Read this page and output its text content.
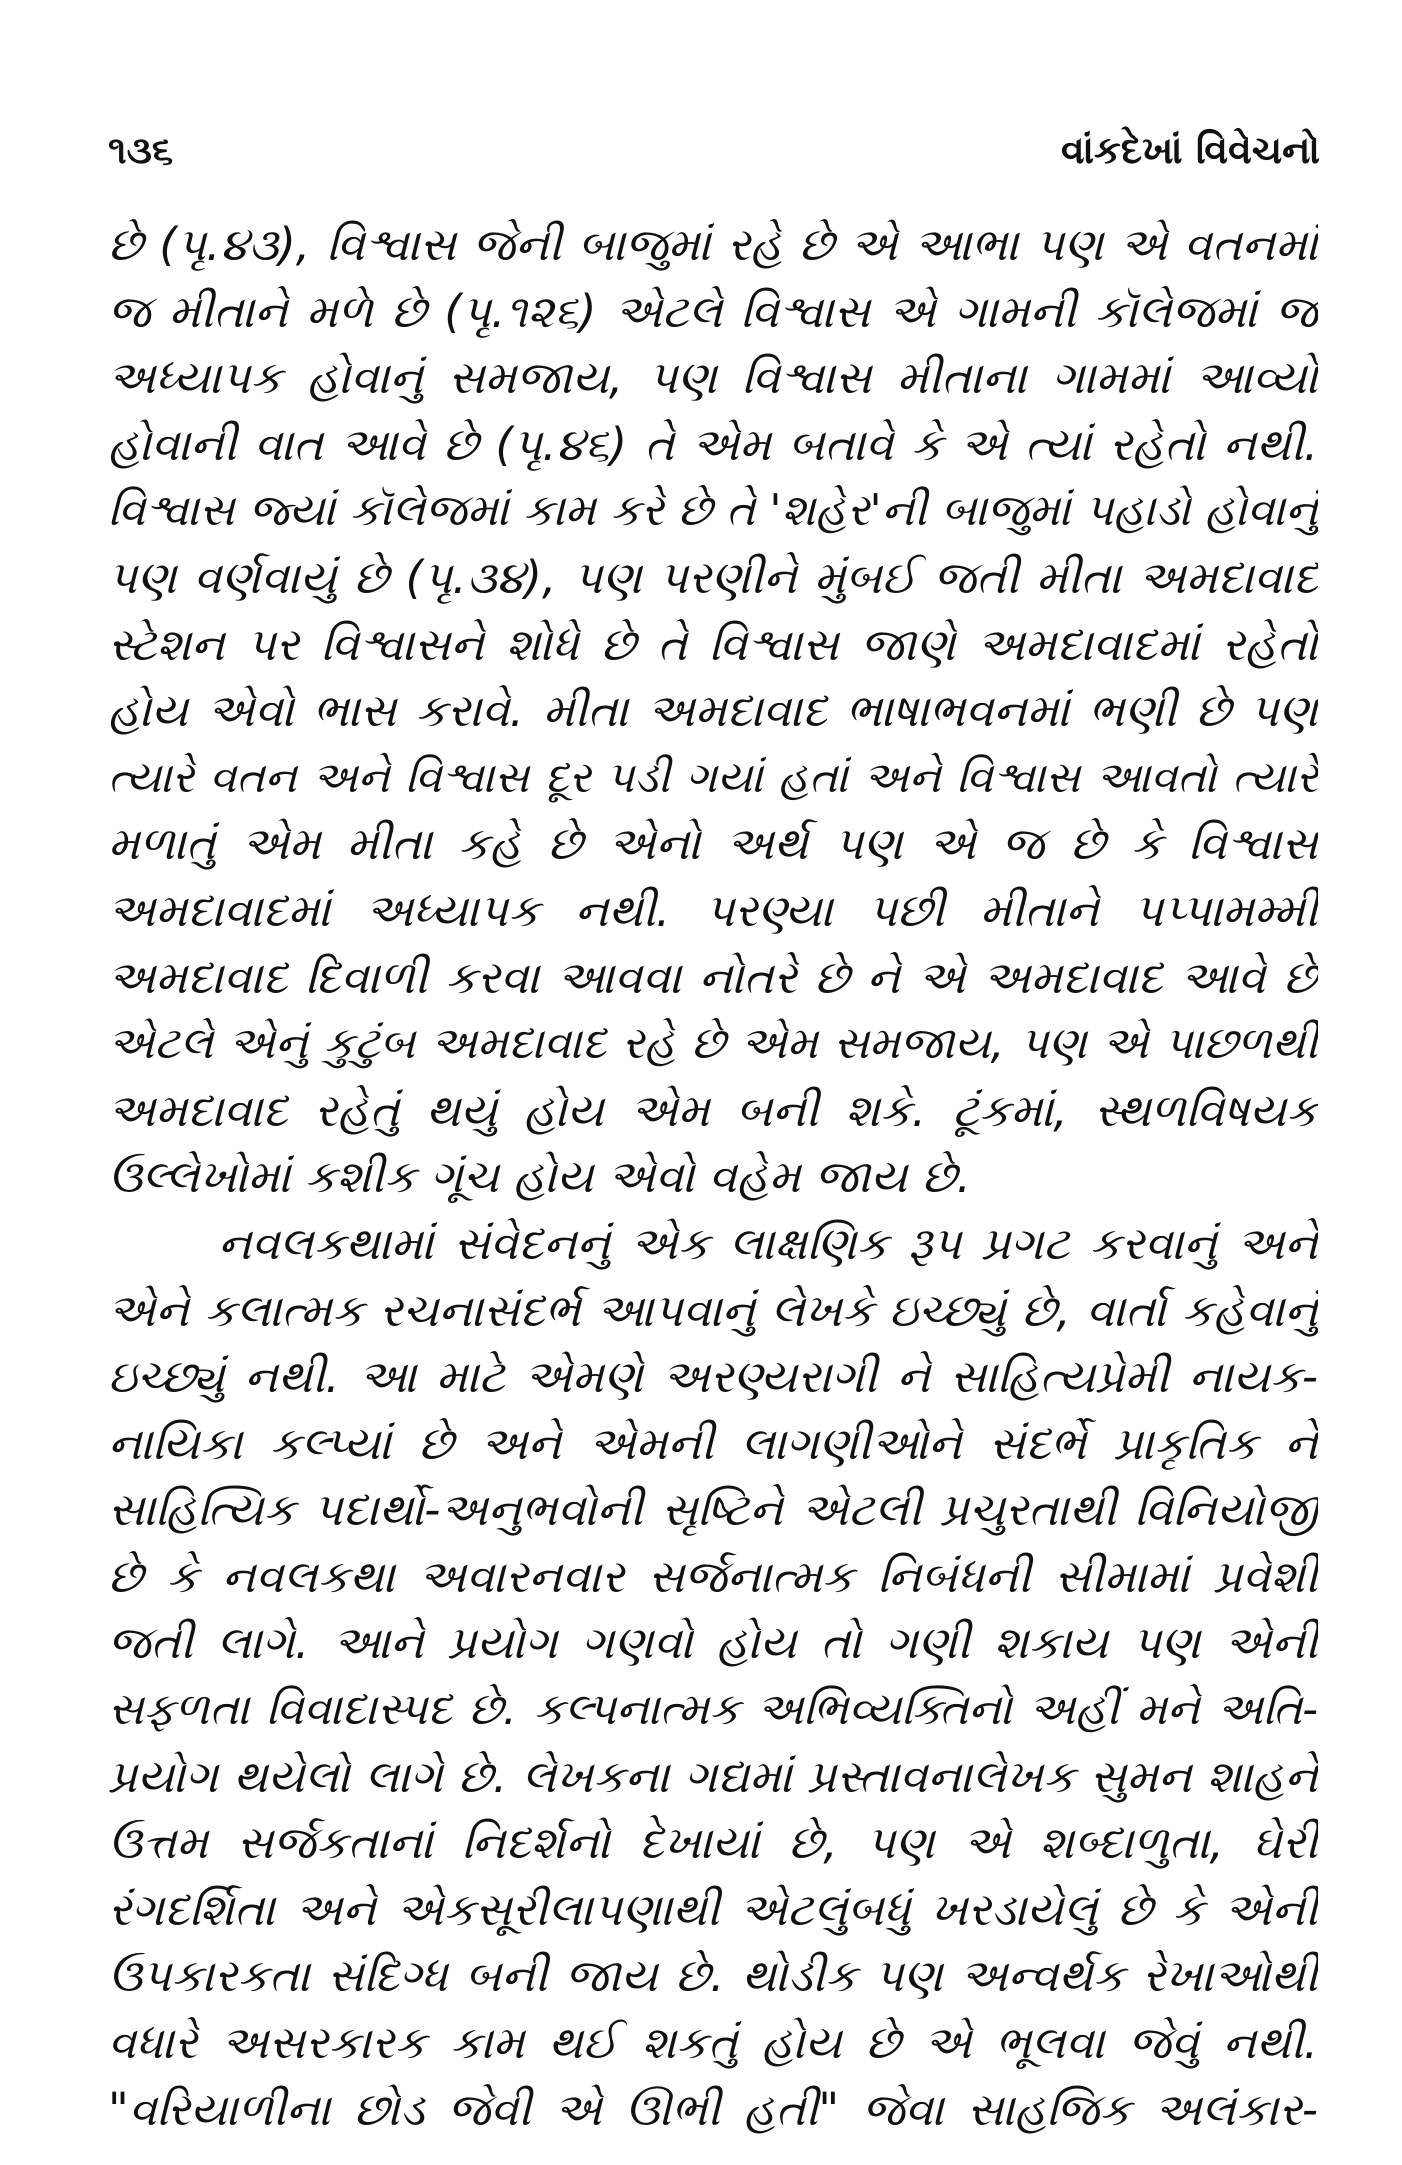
૧૩૬	વાંકદેખાં વિવેચનો
છે (પૃ.૪૩), વિશ્વાસ જેની બાજુમાં રહે છે એ આભા પણ એ વતનમાં
જ મીતાને મળે છે (પૃ.૧૨૬) એટલે વિશ્વાસ એ ગામની કૉલેજમાં જ
અધ્યાપક હોવાનું સમજાય, પણ વિશ્વાસ મીતાના ગામમાં આવ્યો
હોવાની વાત આવે છે (પૃ.૪૬) તે એમ બતાવે કે એ ત્યાં રહેતો નથી.
વિશ્વાસ જ્યાં કૉલેજમાં કામ કરે છે તે 'શહેર'ની બાજુમાં પહાડો હોવાનું
પણ વર્ણવાયું છે (પૃ.૩૪), પણ પરણીને મુંબઈ જતી મીતા અમદાવાદ
સ્ટેશન પર વિશ્વાસને શોધે છે તે વિશ્વાસ જાણે અમદાવાદમાં રહેતો
હોય એવો ભાસ કરાવે. મીતા અમદાવાદ ભાષાભવનમાં ભણી છે પણ
ત્યારે વતન અને વિશ્વાસ દૂર પડી ગયાં હતાં અને વિશ્વાસ આવતો ત્યારે
મળાતું એમ મીતા કહે છે એનો અર્થ પણ એ જ છે કે વિશ્વાસ
અમદાવાદમાં અધ્યાપક નથી. પરણ્યા પછી મીતાને પપ્પામમ્મી
અમદાવાદ દિવાળી કરવા આવવા નોતરે છે ને એ અમદાવાદ આવે છે
એટલે એનું કુટુંબ અમદાવાદ રહે છે એમ સમજાય, પણ એ પાછળથી
અમદાવાદ રહેતું થયું હોય એમ બની શકે. ટૂંકમાં, સ્થળવિષયક
ઉલ્લેખોમાં કશીક ગૂંચ હોય એવો વહેમ જાય છે.
નવલકથામાં સંવેદનનું એક લાક્ષણિક રૂપ પ્રગટ કરવાનું અને
એને કલાત્મક રચનાસંદર્ભ આપવાનું લેખકે ઇચ્છ્યું છે, વાર્તા કહેવાનું
ઇચ્છ્યું નથી. આ માટે એમણે અરણ્યરાગી ને સાહિત્યપ્રેમી નાયક-
નાયિકા કલ્પ્યાં છે અને એમની લાગણીઓને સંદર્ભે પ્રાકૃતિક ને
સાહિત્યિક પદાર્થો-અનુભવોની સૃષ્ટિને એટલી પ્રચુરતાથી વિનિયોજી
છે કે નવલકથા અવારનવાર સર્જનાત્મક નિબંધની સીમામાં પ્રવેશી
જતી લાગે. આને પ્રયોગ ગણવો હોય તો ગણી શકાય પણ એની
સફળતા વિવાદાસ્પદ છે. કલ્પનાત્મક અભિવ્યક્તિનો અહીં મને અતિ-
પ્રયોગ થયેલો લાગે છે. લેખકના ગદ્યમાં પ્રસ્તાવનાલેખક સુમન શાહને
ઉત્તમ સર્જકતાનાં નિદર્શનો દેખાયાં છે, પણ એ શબ્દાળુતા, ઘેરી
રંગદર્શિતા અને એકસૂરીલાપણાથી એટલુંબધું ખરડાયેલું છે કે એની
ઉપકારકતા સંદિગ્ધ બની જાય છે. થોડીક પણ અન્વર્થક રેખાઓથી
વધારે અસરકારક કામ થઈ શકતું હોય છે એ ભૂલવા જેવું નથી.
"વરિયાળીના છોડ જેવી એ ઊભી હતી" જેવા સાહજિક અલંકાર-
